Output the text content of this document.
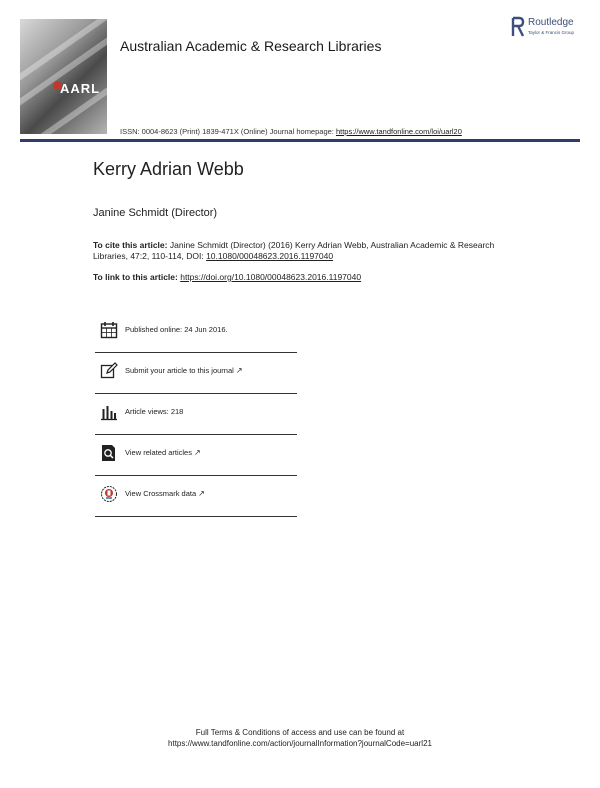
AARL
Australian Academic & Research Libraries
Routledge
Taylor & Francis Group
ISSN: 0004-8623 (Print) 1839-471X (Online) Journal homepage: https://www.tandfonline.com/loi/uarl20
Kerry Adrian Webb
Janine Schmidt (Director)
To cite this article: Janine Schmidt (Director) (2016) Kerry Adrian Webb, Australian Academic & Research Libraries, 47:2, 110-114, DOI: 10.1080/00048623.2016.1197040
To link to this article: https://doi.org/10.1080/00048623.2016.1197040
Published online: 24 Jun 2016.
Submit your article to this journal ↗
Article views: 218
View related articles ↗
View Crossmark data ↗
Full Terms & Conditions of access and use can be found at
https://www.tandfonline.com/action/journalInformation?journalCode=uarl21
